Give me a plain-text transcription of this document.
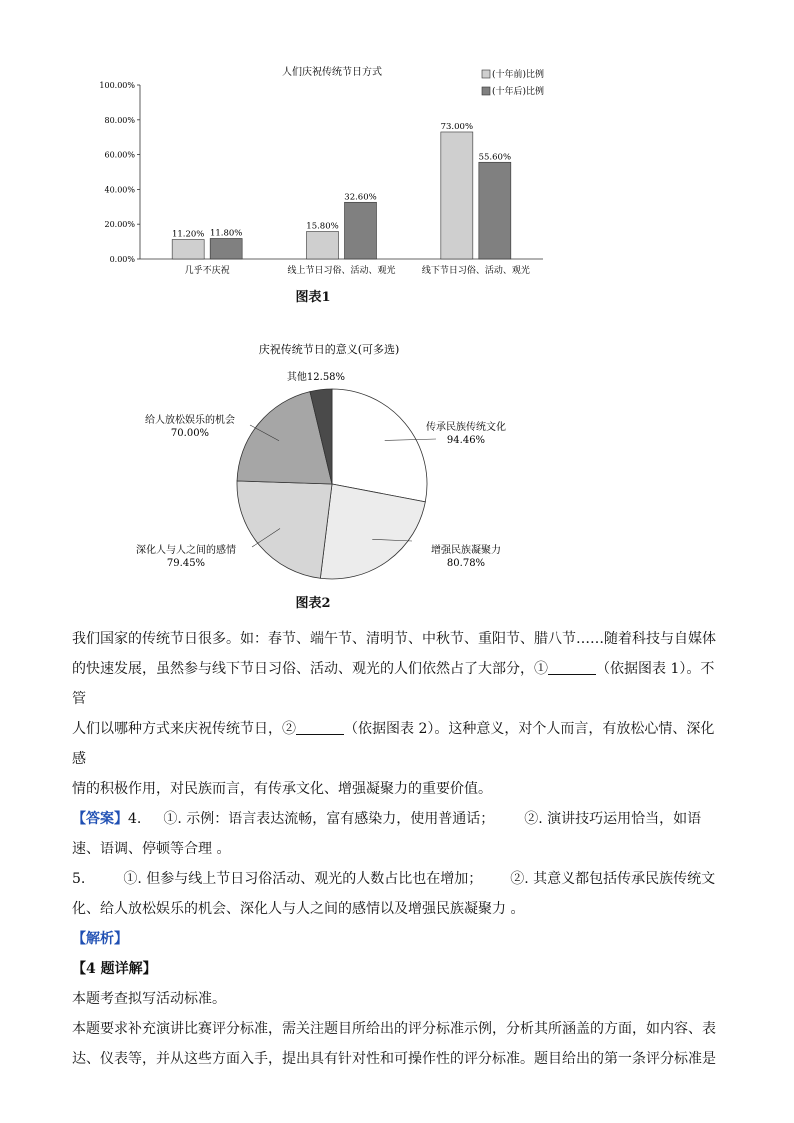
人们庆祝传统节日方式
0.00%
20.00%
40.00%
60.00%
80.00%
100.00%
几乎不庆祝	线上节日习俗、活动、观光	线下节日习俗、活动、观光
11.20% 11.80%
15.80%
32.60%
73.00%
55.60%
(十年前)比例
(十年后)比例
图表1
庆祝传统节日的意义(可多选)
传承民族传统文化
94.46%
增强民族凝聚力
80.78%
深化人与人之间的感情
79.45%
给人放松娱乐的机会
70.00%
其他12.58%
图表2

我们国家的传统节日很多。如：春节、端午节、清明节、中秋节、重阳节、腊八节……随着科技与自媒体

的快速发展，虽然参与线下节日习俗、活动、观光的人们依然占了大部分，①	（依据图表 1）。不管

人们以哪种方式来庆祝传统节日，②	（依据图表 2）。这种意义，对个人而言，有放松心情、深化感

情的积极作用，对民族而言，有传承文化、增强凝聚力的重要价值。

【答案】4. ①. 示例：语言表达流畅，富有感染力，使用普通话； ②. 演讲技巧运用恰当，如语

速、语调、停顿等合理 。

5.	①. 但参与线上节日习俗活动、观光的人数占比也在增加； ②. 其意义都包括传承民族传统文

化、给人放松娱乐的机会、深化人与人之间的感情以及增强民族凝聚力 。

【解析】

【4 题详解】

本题考查拟写活动标准。

本题要求补充演讲比赛评分标准，需关注题目所给出的评分标准示例，分析其所涵盖的方面，如内容、表

达、仪表等，并从这些方面入手，提出具有针对性和可操作性的评分标准。题目给出的第一条评分标准是
